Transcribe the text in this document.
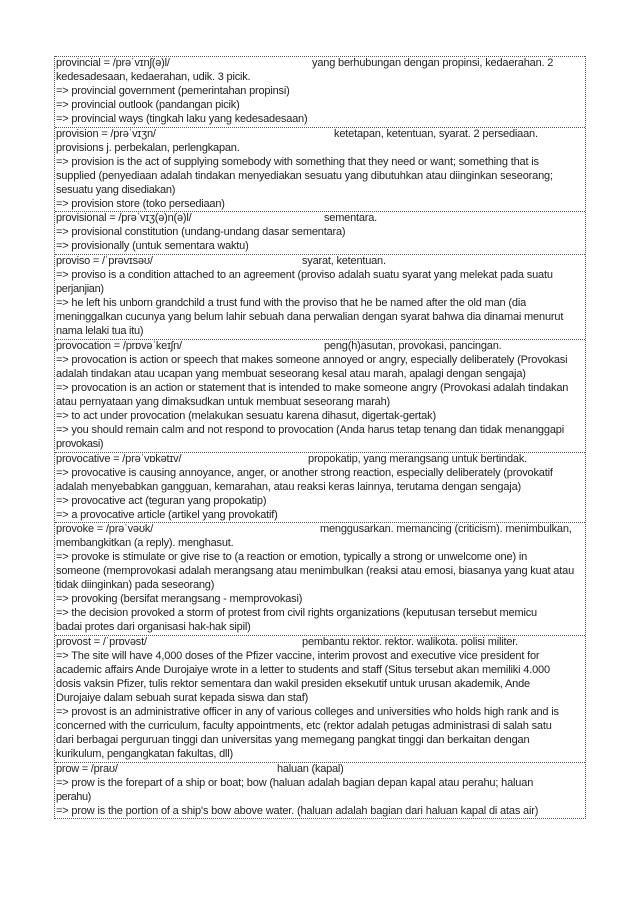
provincial = /prəˈvɪnʃ(ə)l/	yang berhubungan dengan propinsi, kedaerahan. 2
kedesadesaan, kedaerahan, udik. 3 picik.
=> provincial government (pemerintahan propinsi)
=> provincial outlook (pandangan picik)
=> provincial ways (tingkah laku yang kedesadesaan)
provision = /prəˈvɪʒn/	ketetapan, ketentuan, syarat. 2 persediaan.
provisions j. perbekalan, perlengkapan.
=> provision is the act of supplying somebody with something that they need or want; something that is
supplied (penyediaan adalah tindakan menyediakan sesuatu yang dibutuhkan atau diinginkan seseorang;
sesuatu yang disediakan)
=> provision store (toko persediaan)
provisional = /prəˈvɪʒ(ə)n(ə)l/	sementara.
=> provisional constitution (undang-undang dasar sementara)
=> provisionally (untuk sementara waktu)
proviso = /ˈprəvɪsəʊ/	syarat, ketentuan.
=> proviso is a condition attached to an agreement (proviso adalah suatu syarat yang melekat pada suatu
perjanjian)
=> he left his unborn grandchild a trust fund with the proviso that he be named after the old man (dia
meninggalkan cucunya yang belum lahir sebuah dana perwalian dengan syarat bahwa dia dinamai menurut
nama lelaki tua itu)
provocation = /prɒvəˈkeɪʃn/	peng(h)asutan, provokasi, pancingan.
=> provocation is action or speech that makes someone annoyed or angry, especially deliberately (Provokasi
adalah tindakan atau ucapan yang membuat seseorang kesal atau marah, apalagi dengan sengaja)
=> provocation is an action or statement that is intended to make someone angry (Provokasi adalah tindakan
atau pernyataan yang dimaksudkan untuk membuat seseorang marah)
=> to act under provocation (melakukan sesuatu karena dihasut, digertak-gertak)
=> you should remain calm and not respond to provocation (Anda harus tetap tenang dan tidak menanggapi
provokasi)
provocative = /prəˈvɒkətɪv/	propokatip, yang merangsang untuk bertindak.
=> provocative is causing annoyance, anger, or another strong reaction, especially deliberately (provokatif
adalah menyebabkan gangguan, kemarahan, atau reaksi keras lainnya, terutama dengan sengaja)
=> provocative act (teguran yang propokatip)
=> a provocative article (artikel yang provokatif)
provoke = /prəˈvəʊk/	menggusarkan. memancing (criticism). menimbulkan,
membangkitkan (a reply). menghasut.
=> provoke is stimulate or give rise to (a reaction or emotion, typically a strong or unwelcome one) in
someone (memprovokasi adalah merangsang atau menimbulkan (reaksi atau emosi, biasanya yang kuat atau
tidak diinginkan) pada seseorang)
=> provoking (bersifat merangsang - memprovokasi)
=> the decision provoked a storm of protest from civil rights organizations (keputusan tersebut memicu
badai protes dari organisasi hak-hak sipil)
provost = /ˈprɒvəst/	pembantu rektor. rektor. walikota. polisi militer.
=> The site will have 4,000 doses of the Pfizer vaccine, interim provost and executive vice president for
academic affairs Ande Durojaiye wrote in a letter to students and staff (Situs tersebut akan memiliki 4.000
dosis vaksin Pfizer, tulis rektor sementara dan wakil presiden eksekutif untuk urusan akademik, Ande
Durojaiye dalam sebuah surat kepada siswa dan staf)
=> provost is an administrative officer in any of various colleges and universities who holds high rank and is
concerned with the curriculum, faculty appointments, etc (rektor adalah petugas administrasi di salah satu
dari berbagai perguruan tinggi dan universitas yang memegang pangkat tinggi dan berkaitan dengan
kurikulum, pengangkatan fakultas, dll)
prow = /praʊ/	haluan (kapal)
=> prow is the forepart of a ship or boat; bow (haluan adalah bagian depan kapal atau perahu; haluan
perahu)
=> prow is the portion of a ship's bow above water. (haluan adalah bagian dari haluan kapal di atas air)
